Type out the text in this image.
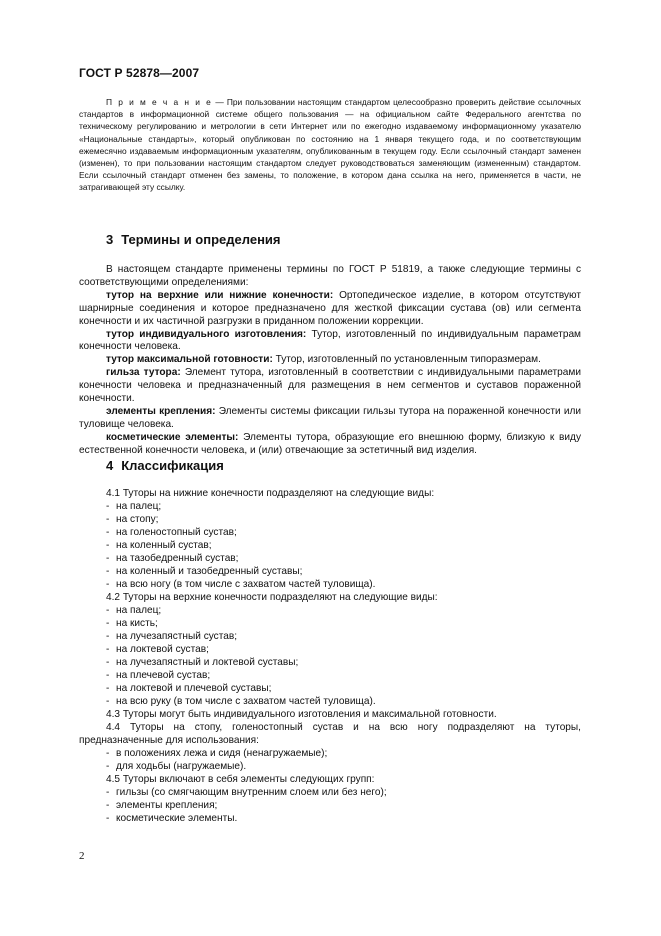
ГОСТ Р 52878—2007
П р и м е ч а н и е — При пользовании настоящим стандартом целесообразно проверить действие ссылочных стандартов в информационной системе общего пользования — на официальном сайте Федерального агентства по техническому регулированию и метрологии в сети Интернет или по ежегодно издаваемому информационному указателю «Национальные стандарты», который опубликован по состоянию на 1 января текущего года, и по соответствующим ежемесячно издаваемым информационным указателям, опубликованным в текущем году. Если ссылочный стандарт заменен (изменен), то при пользовании настоящим стандартом следует руководствоваться заменяющим (измененным) стандартом. Если ссылочный стандарт отменен без замены, то положение, в котором дана ссылка на него, применяется в части, не затрагивающей эту ссылку.
3 Термины и определения

В настоящем стандарте применены термины по ГОСТ Р 51819, а также следующие термины с соответствующими определениями:

тутор на верхние или нижние конечности: Ортопедическое изделие, в котором отсутствуют шарнирные соединения и которое предназначено для жесткой фиксации сустава (ов) или сегмента конечности и их частичной разгрузки в приданном положении коррекции.

тутор индивидуального изготовления: Тутор, изготовленный по индивидуальным параметрам конечности человека.

тутор максимальной готовности: Тутор, изготовленный по установленным типоразмерам.

гильза тутора: Элемент тутора, изготовленный в соответствии с индивидуальными параметрами конечности человека и предназначенный для размещения в нем сегментов и суставов пораженной конечности.

элементы крепления: Элементы системы фиксации гильзы тутора на пораженной конечности или туловище человека.

косметические элементы: Элементы тутора, образующие его внешнюю форму, близкую к виду естественной конечности человека, и (или) отвечающие за эстетичный вид изделия.

4 Классификация
4.1 Туторы на нижние конечности подразделяют на следующие виды:
- на палец;
- на стопу;
- на голеностопный сустав;
- на коленный сустав;
- на тазобедренный сустав;
- на коленный и тазобедренный суставы;
- на всю ногу (в том числе с захватом частей туловища).
4.2 Туторы на верхние конечности подразделяют на следующие виды:
- на палец;
- на кисть;
- на лучезапястный сустав;
- на локтевой сустав;
- на лучезапястный и локтевой суставы;
- на плечевой сустав;
- на локтевой и плечевой суставы;
- на всю руку (в том числе с захватом частей туловища).
4.3 Туторы могут быть индивидуального изготовления и максимальной готовности.
4.4 Туторы на стопу, голеностопный сустав и на всю ногу подразделяют на туторы, предназначенные для использования:
- в положениях лежа и сидя (ненагружаемые);
- для ходьбы (нагружаемые).
4.5 Туторы включают в себя элементы следующих групп:
- гильзы (со смягчающим внутренним слоем или без него);
- элементы крепления;
- косметические элементы.
2
